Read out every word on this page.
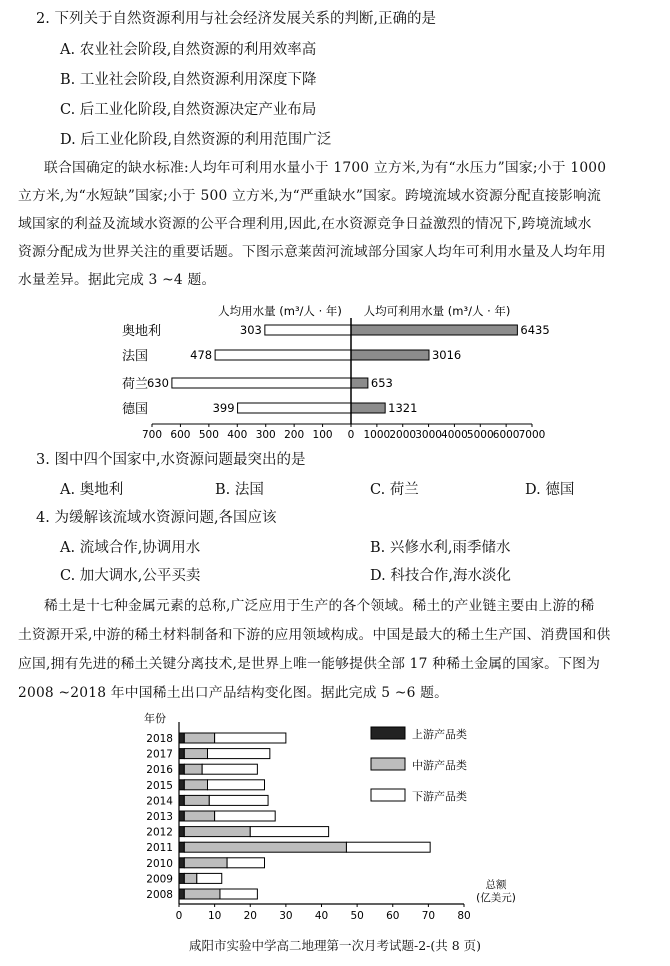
2. 下列关于自然资源利用与社会经济发展关系的判断,正确的是
A. 农业社会阶段,自然资源的利用效率高
B. 工业社会阶段,自然资源利用深度下降
C. 后工业化阶段,自然资源决定产业布局
D. 后工业化阶段,自然资源的利用范围广泛
联合国确定的缺水标准:人均年可利用水量小于 1700 立方米,为有“水压力”国家;小于 1000
立方米,为“水短缺”国家;小于 500 立方米,为“严重缺水”国家。跨境流域水资源分配直接影响流
域国家的利益及流域水资源的公平合理利用,因此,在水资源竞争日益激烈的情况下,跨境流域水
资源分配成为世界关注的重要话题。下图示意莱茵河流域部分国家人均年可利用水量及人均年用
水量差异。据此完成 3 ~4 题。
人均用水量 (m³/人 · 年) 人均可利用水量 (m³/人 · 年)
303	6435
奥地利
478	3016
法国
630	653
荷兰
399	1321
德国
700 600 500 400 300 200 100 0 1000 2000 3000 4000 5000 6000 7000
3. 图中四个国家中,水资源问题最突出的是
A. 奥地利	B. 法国	C. 荷兰	D. 德国
4. 为缓解该流域水资源问题,各国应该
A. 流域合作,协调用水	B. 兴修水利,雨季储水
C. 加大调水,公平买卖	D. 科技合作,海水淡化
稀土是十七种金属元素的总称,广泛应用于生产的各个领域。稀土的产业链主要由上游的稀
土资源开采,中游的稀土材料制备和下游的应用领域构成。中国是最大的稀土生产国、消费国和供
应国,拥有先进的稀土关键分离技术,是世界上唯一能够提供全部 17 种稀土金属的国家。下图为
2008 ~2018 年中国稀土出口产品结构变化图。据此完成 5 ~6 题。
年份
2018
2017
2016
2015
2014
2013
2012
2011
2010
2009
2008
0 10 20 30 40 50 60 70 80
总额
(亿美元)
上游产品类
中游产品类
下游产品类
咸阳市实验中学高二地理第一次月考试题-2-(共 8 页)
